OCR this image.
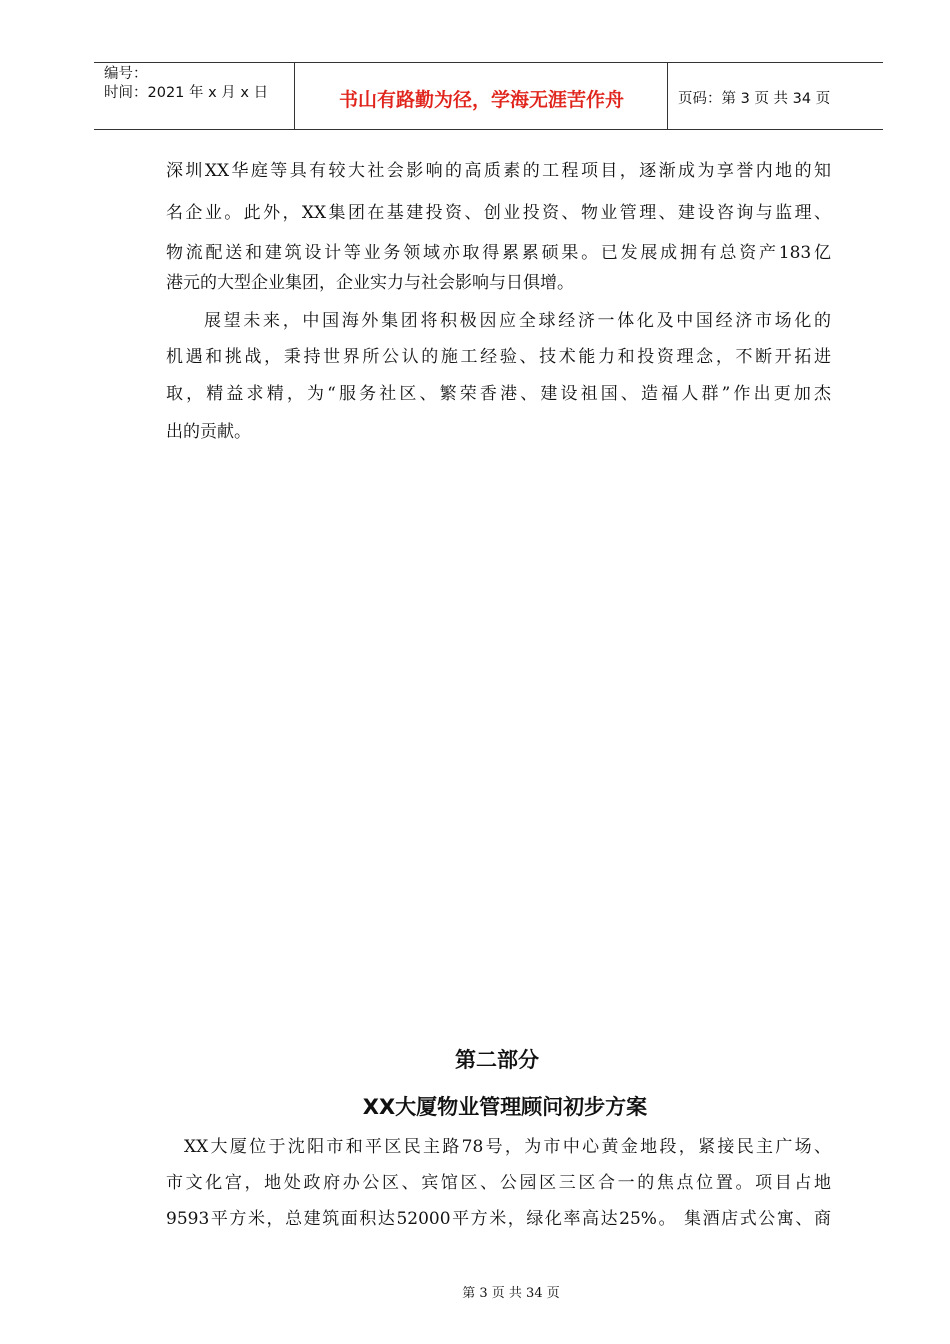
编号：
时间：2021 年 x 月 x 日	书山有路勤为径，学海无涯苦作舟	页码：第 3 页 共 34 页
深圳XX华庭等具有较大社会影响的高质素的工程项目，逐渐成为享誉内地的知
名企业。此外，XX集团在基建投资、创业投资、物业管理、建设咨询与监理、
物流配送和建筑设计等业务领域亦取得累累硕果。已发展成拥有总资产183亿
港元的大型企业集团，企业实力与社会影响与日俱增。
展望未来，中国海外集团将积极因应全球经济一体化及中国经济市场化的
机遇和挑战，秉持世界所公认的施工经验、技术能力和投资理念，不断开拓进
取，精益求精，为“服务社区、繁荣香港、建设祖国、造福人群”作出更加杰
出的贡献。
第二部分
XX大厦物业管理顾问初步方案
XX大厦位于沈阳市和平区民主路78号，为市中心黄金地段，紧接民主广场、
市文化宫，地处政府办公区、宾馆区、公园区三区合一的焦点位置。项目占地
9593平方米，总建筑面积达52000平方米，绿化率高达25%。 集酒店式公寓、商
第 3 页 共 34 页
